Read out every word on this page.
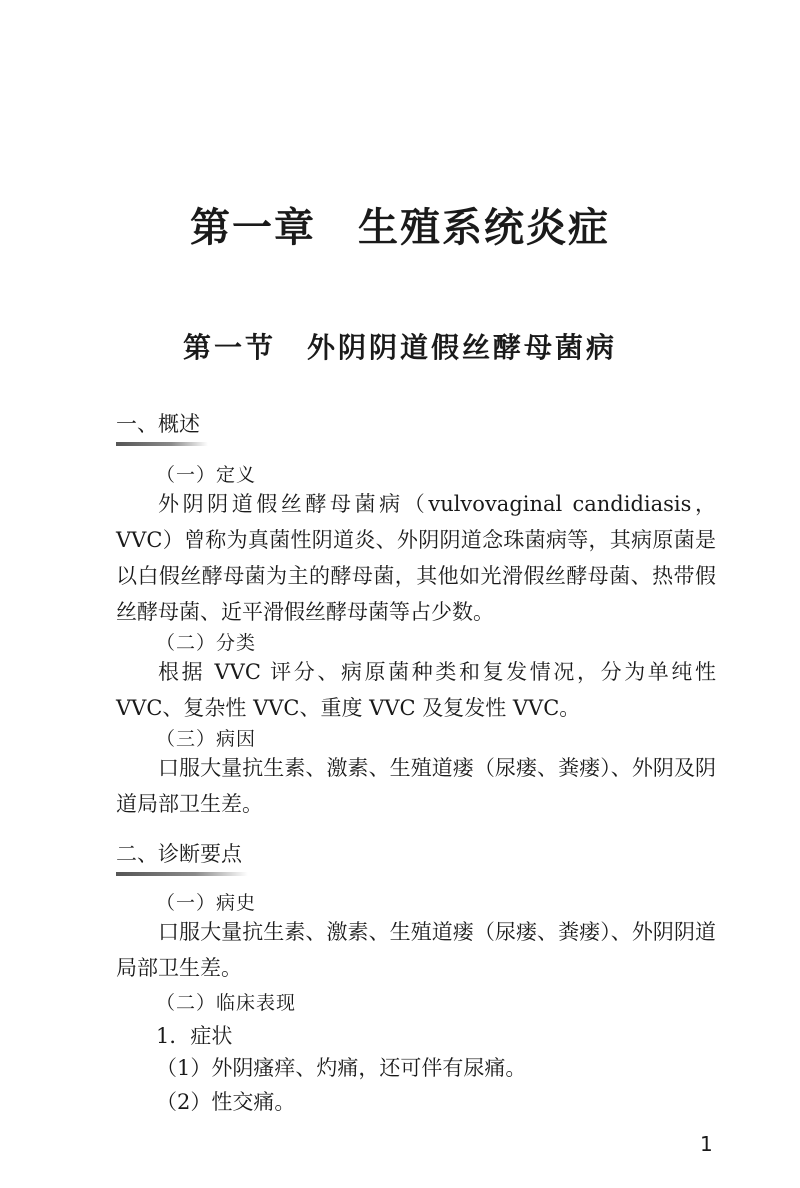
第一章　生殖系统炎症
第一节　外阴阴道假丝酵母菌病
一、概述
（一）定义

外阴阴道假丝酵母菌病（vulvovaginal candidiasis，VVC）曾称为真菌性阴道炎、外阴阴道念珠菌病等，其病原菌是以白假丝酵母菌为主的酵母菌，其他如光滑假丝酵母菌、热带假丝酵母菌、近平滑假丝酵母菌等占少数。

（二）分类

根据 VVC 评分、病原菌种类和复发情况，分为单纯性 VVC、复杂性 VVC、重度 VVC 及复发性 VVC。

（三）病因

口服大量抗生素、激素、生殖道瘘（尿瘘、粪瘘）、外阴及阴道局部卫生差。

二、诊断要点
（一）病史

口服大量抗生素、激素、生殖道瘘（尿瘘、粪瘘）、外阴阴道局部卫生差。

（二）临床表现
1．症状
（1）外阴瘙痒、灼痛，还可伴有尿痛。
（2）性交痛。
1
